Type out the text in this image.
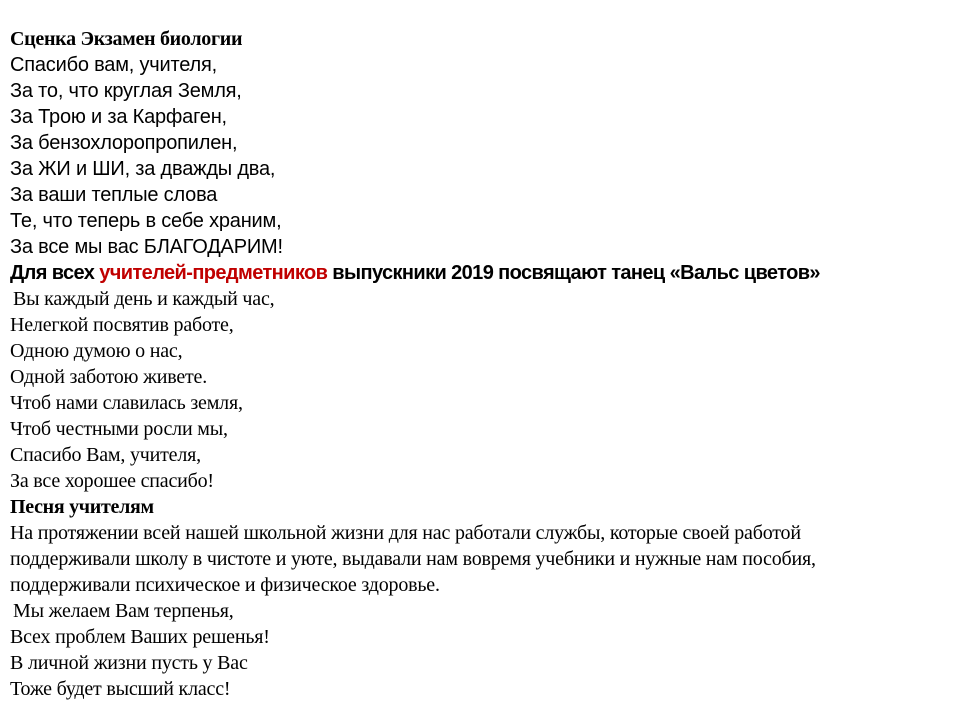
Сценка Экзамен биологии

Спасибо вам, учителя,

За то, что круглая Земля,

За Трою и за Карфаген,

За бензохлоропропилен,

За ЖИ и ШИ, за дважды два,

За ваши теплые слова

Те, что теперь в себе храним,

За все мы вас БЛАГОДАРИМ!

Для всех учителей-предметников выпускники 2019 посвящают танец «Вальс цветов»

Вы каждый день и каждый час,

Нелегкой посвятив работе,

Одною думою о нас,

Одной заботою живете.

Чтоб нами славилась земля,

Чтоб честными росли мы,

Спасибо Вам, учителя,

За все хорошее спасибо!

Песня учителям

На протяжении всей нашей школьной жизни для нас работали службы, которые своей работой

поддерживали школу в чистоте и уюте, выдавали нам вовремя учебники и нужные нам пособия,

поддерживали психическое и физическое здоровье.

Мы желаем Вам терпенья,

Всех проблем Ваших решенья!

В личной жизни пусть у Вас

Тоже будет высший класс!
